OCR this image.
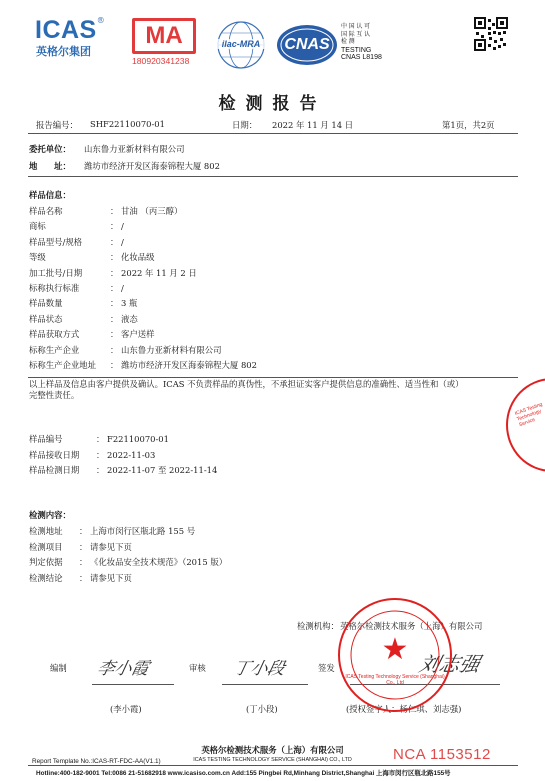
ICAS®
英格尔集团
MA
180920341238
ilac-MRA	CNAS
中 国 认 可
国 际 互 认
检 测
TESTING
CNAS L8198
检测报告
报告编号： SHF22110070-01	日期： 2022 年 11 月 14 日	第1页，共2页
委托单位： 山东鲁力亚新材料有限公司
地　　址： 潍坊市经济开发区海泰锦程大厦 802
样品信息：
样品名称	： 甘油 （丙三醇）
商标	： /
样品型号/规格	： /
等级	： 化妆品级
加工批号/日期	： 2022 年 11 月 2 日
标称执行标准	： /
样品数量	： 3 瓶
样品状态	： 液态
样品获取方式	： 客户送样
标称生产企业	： 山东鲁力亚新材料有限公司
标称生产企业地址 ： 潍坊市经济开发区海泰锦程大厦 802
以上样品及信息由客户提供及确认。ICAS 不负责样品的真伪性，不承担证实客户提供信息的准确性、适当性和（或）
完整性责任。
样品编号	： F22110070-01
样品接收日期 ： 2022-11-03
样品检测日期 ： 2022-11-07 至 2022-11-14
检测内容：
检测地址 ： 上海市闵行区瓶北路 155 号
检测项目 ： 请参见下页
判定依据 ： 《化妆品安全技术规范》（2015 版）
检测结论 ： 请参见下页
检测机构： 英格尔检测技术服务（上海）有限公司
编制 李小霞	审核 丁小段	签发	刘志强
(李小霞)	(丁小段)	(授权签字人：杨仁琪、刘志强)
★
ICAS Testing Technology Service (Shanghai) Co., Ltd
ICAS Testing Technology Service
英格尔检测技术服务（上海）有限公司
Report Template No.:ICAS-RT-FDC-AA(V1.1)	ICAS TESTING TECHNOLOGY SERVICE (SHANGHAI) CO., LTD	NCA 1153512
Hotline:400-182-9001 Tel:0086 21-51682918 www.icasiso.com.cn Add:155 Pingbei Rd,Minhang District,Shanghai 上海市闵行区瓶北路155号
